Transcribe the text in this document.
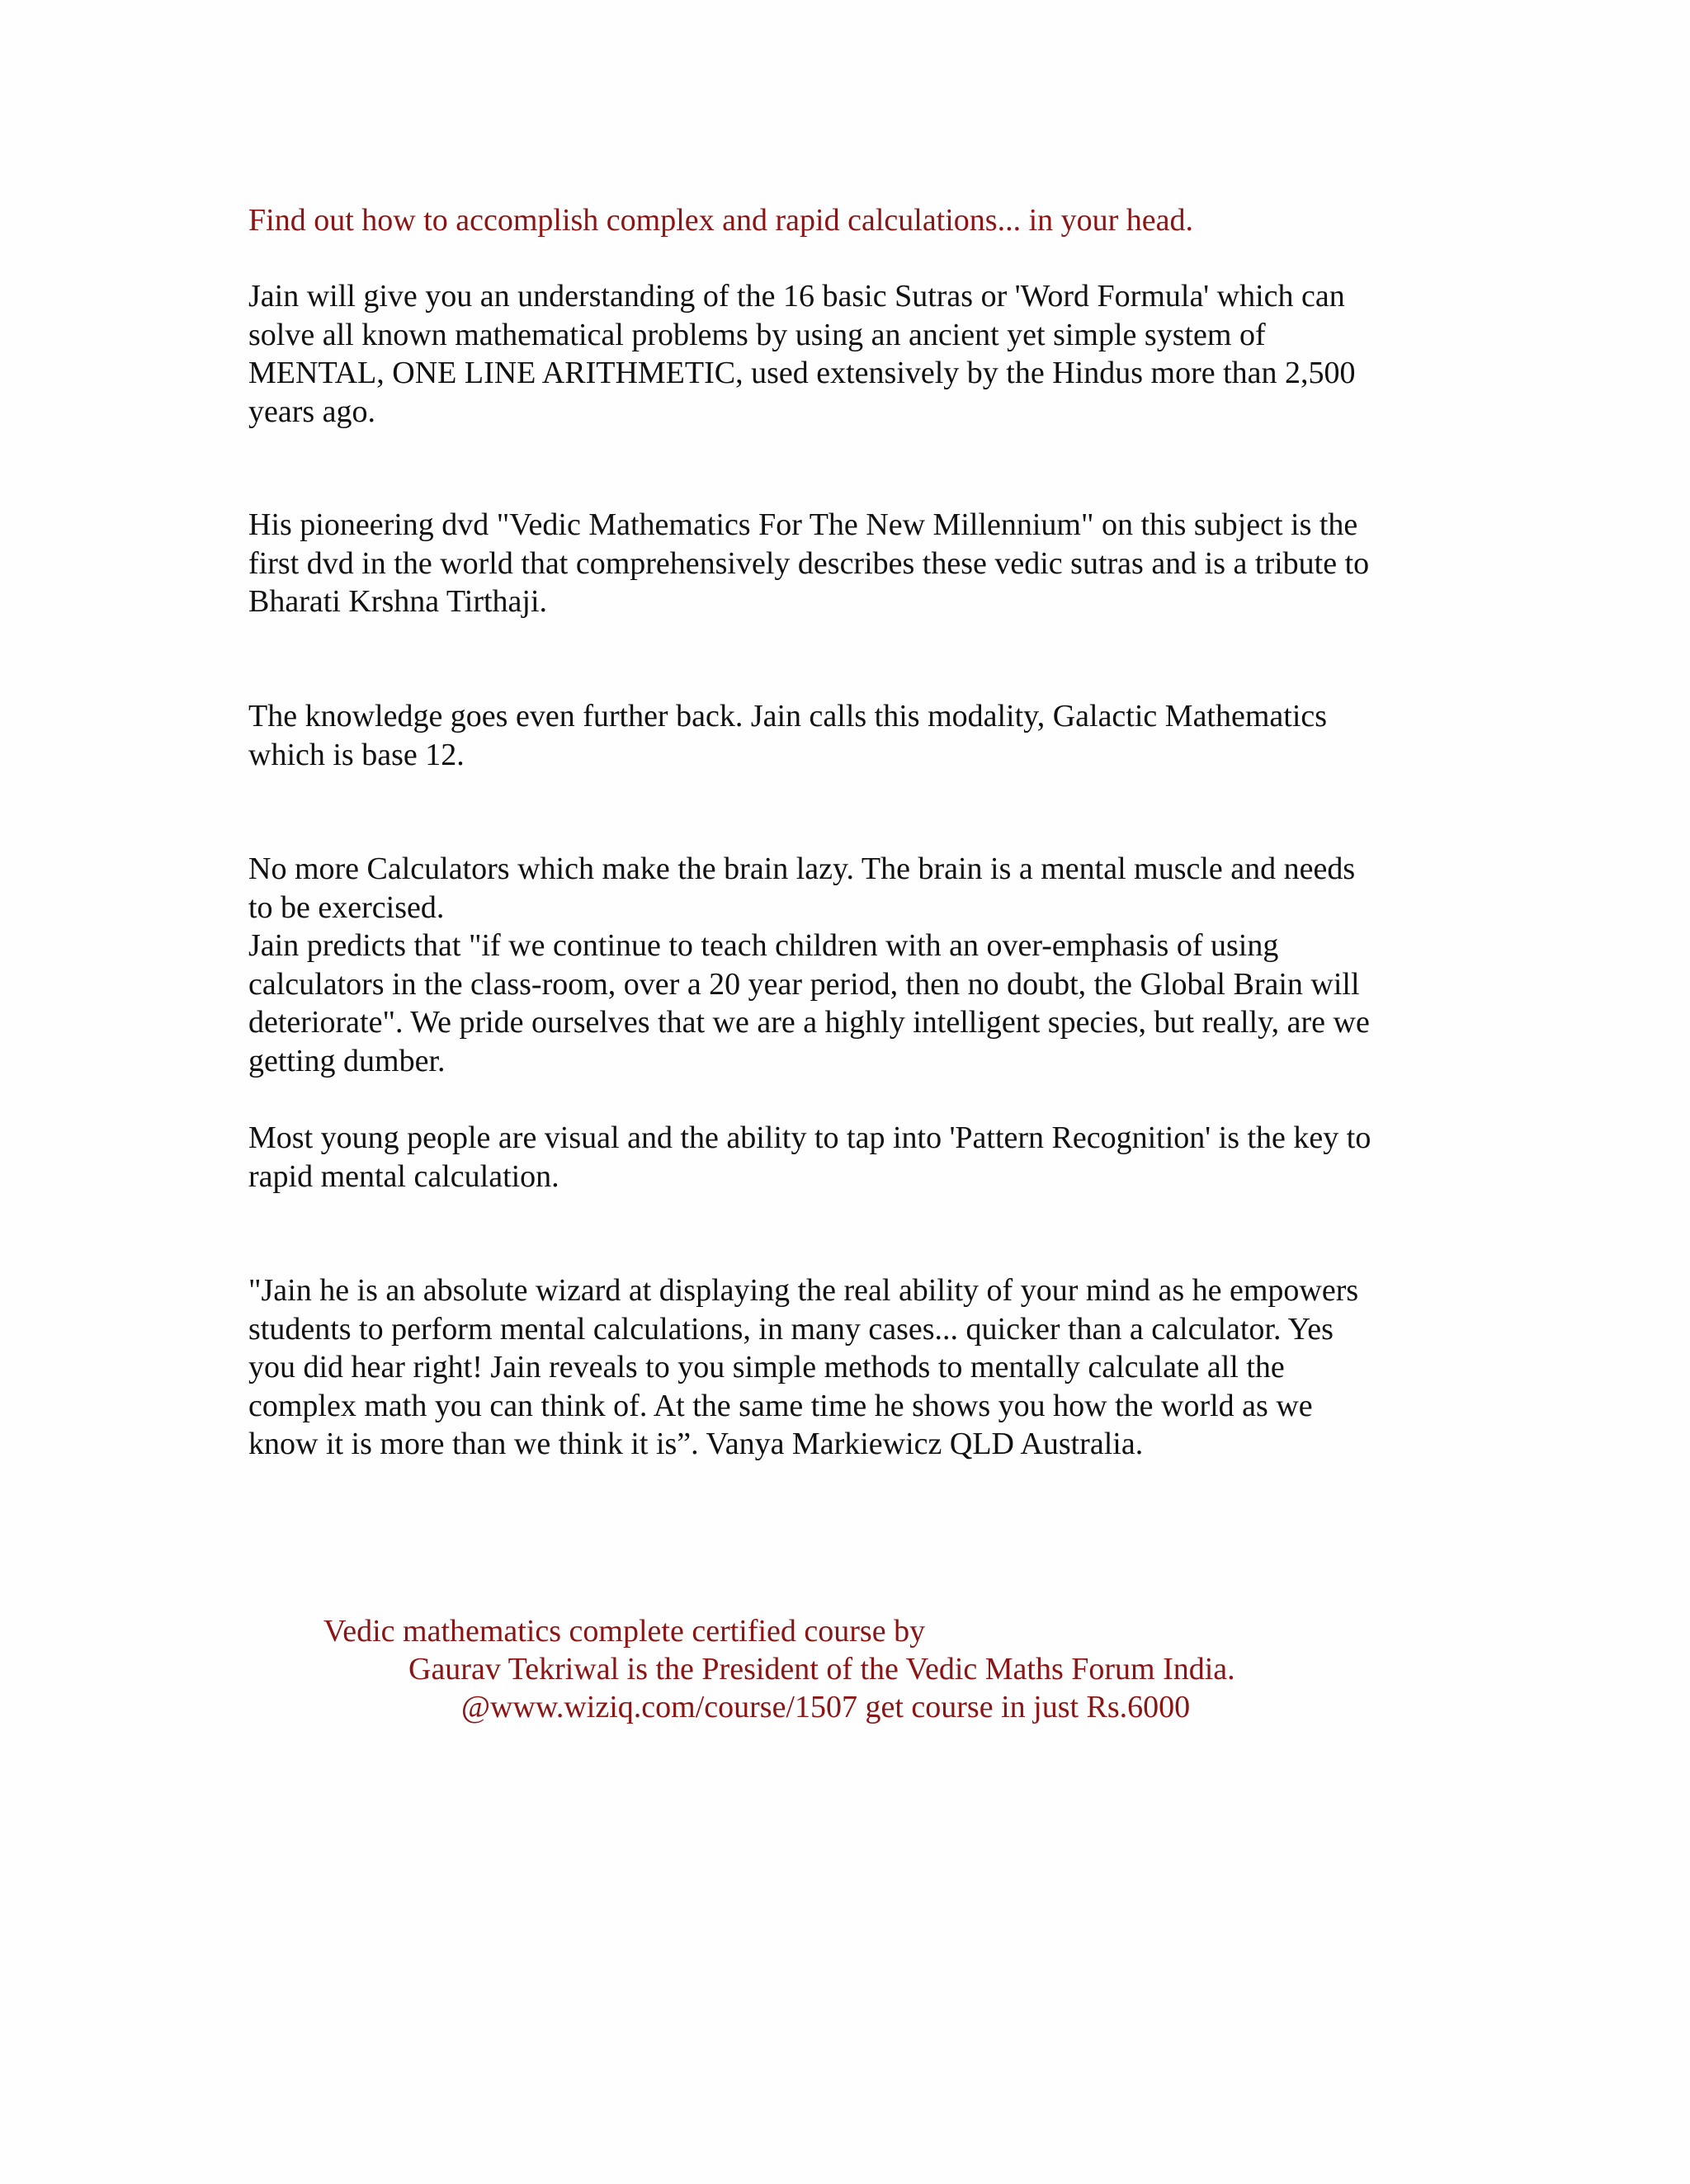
Find out how to accomplish complex and rapid calculations... in your head.

Jain will give you an understanding of the 16 basic Sutras or 'Word Formula' which can
solve all known mathematical problems by using an ancient yet simple system of
MENTAL, ONE LINE ARITHMETIC, used extensively by the Hindus more than 2,500
years ago.

His pioneering dvd "Vedic Mathematics For The New Millennium" on this subject is the
first dvd in the world that comprehensively describes these vedic sutras and is a tribute to
Bharati Krshna Tirthaji.

The knowledge goes even further back. Jain calls this modality, Galactic Mathematics
which is base 12.

No more Calculators which make the brain lazy. The brain is a mental muscle and needs
to be exercised.
Jain predicts that "if we continue to teach children with an over-emphasis of using
calculators in the class-room, over a 20 year period, then no doubt, the Global Brain will
deteriorate". We pride ourselves that we are a highly intelligent species, but really, are we
getting dumber.

Most young people are visual and the ability to tap into 'Pattern Recognition' is the key to
rapid mental calculation.

"Jain he is an absolute wizard at displaying the real ability of your mind as he empowers
students to perform mental calculations, in many cases... quicker than a calculator. Yes
you did hear right! Jain reveals to you simple methods to mentally calculate all the
complex math you can think of. At the same time he shows you how the world as we
know it is more than we think it is”. Vanya Markiewicz QLD Australia.

Vedic mathematics complete certified course by
Gaurav Tekriwal is the President of the Vedic Maths Forum India.
@www.wiziq.com/course/1507 get course in just Rs.6000
